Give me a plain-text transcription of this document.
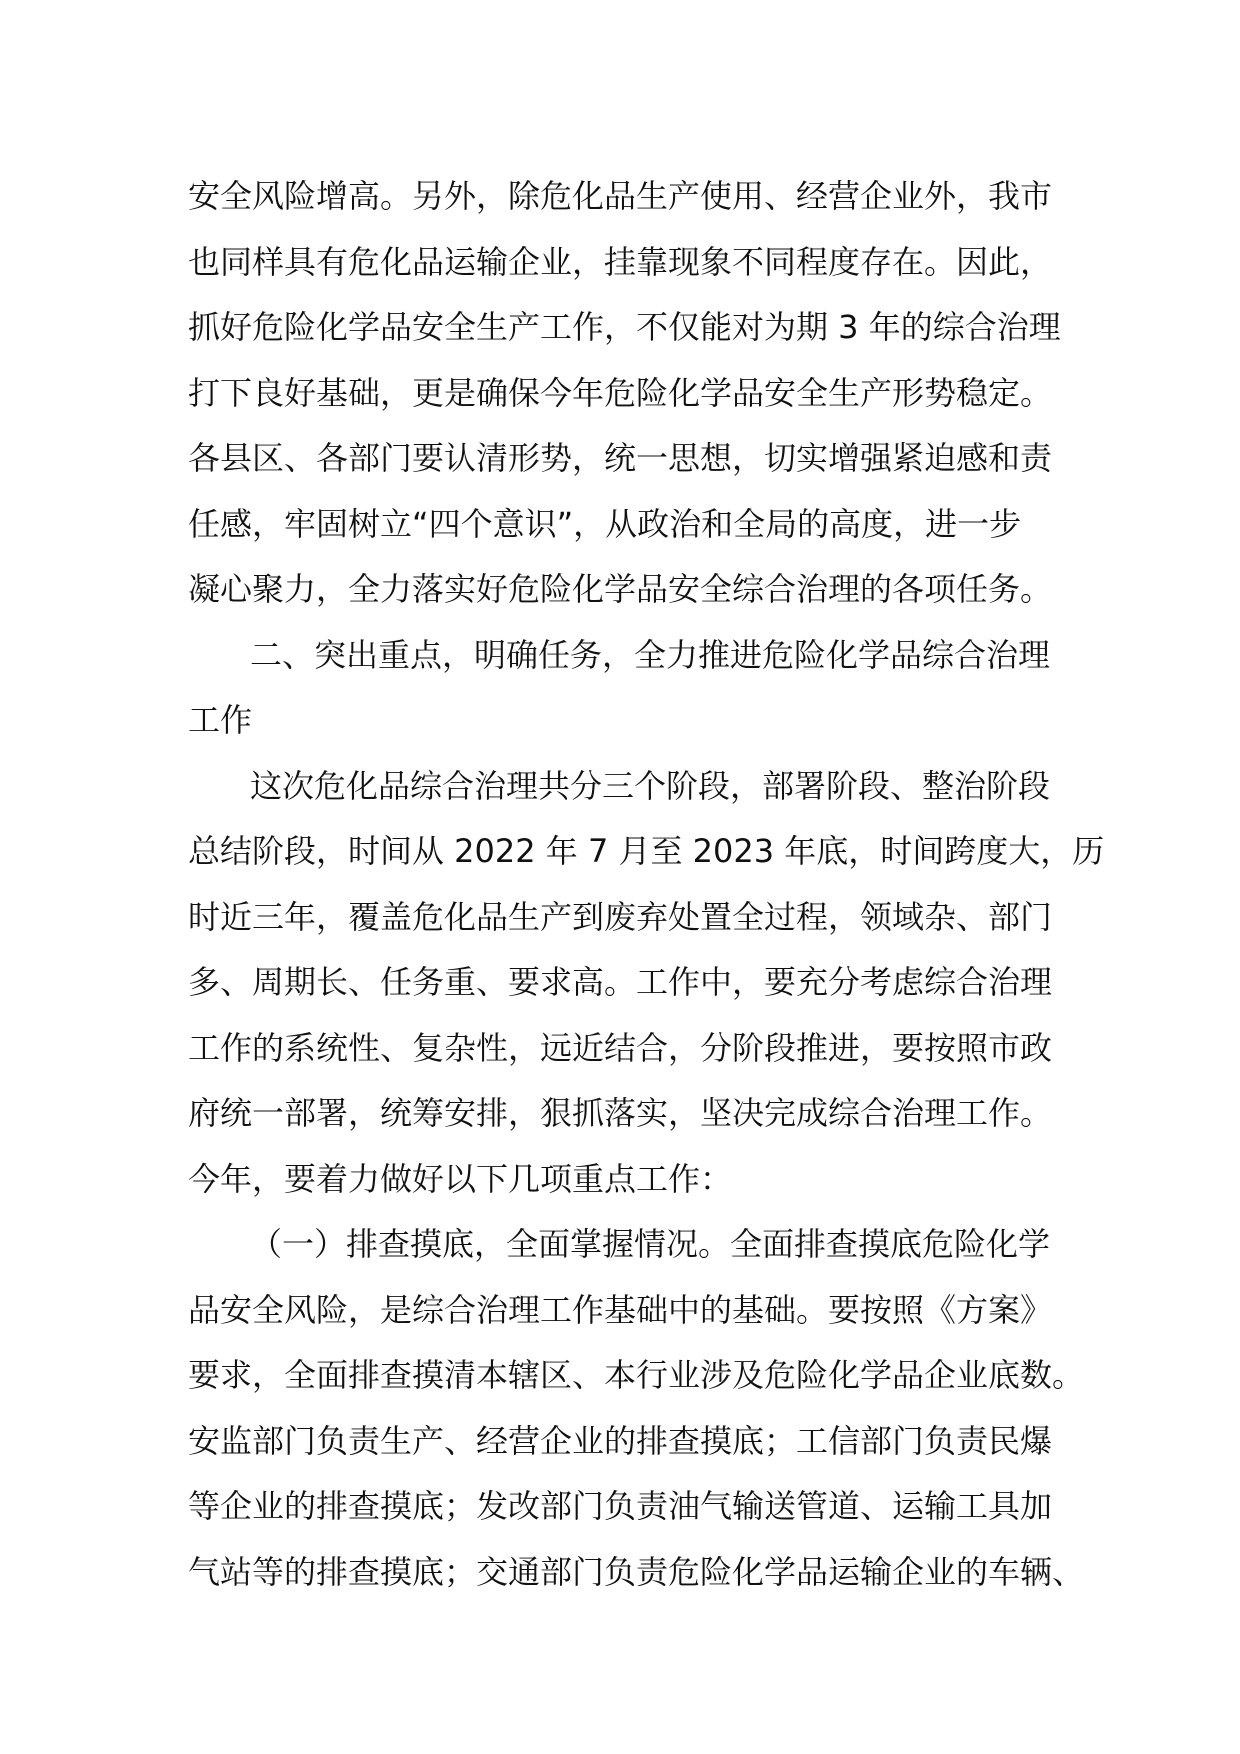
安全风险增高。另外，除危化品生产使用、经营企业外，我市
也同样具有危化品运输企业，挂靠现象不同程度存在。因此，
抓好危险化学品安全生产工作，不仅能对为期 3 年的综合治理
打下良好基础，更是确保今年危险化学品安全生产形势稳定。
各县区、各部门要认清形势，统一思想，切实增强紧迫感和责
任感，牢固树立“四个意识”，从政治和全局的高度，进一步
凝心聚力，全力落实好危险化学品安全综合治理的各项任务。
二、突出重点，明确任务，全力推进危险化学品综合治理
工作
这次危化品综合治理共分三个阶段，部署阶段、整治阶段
总结阶段，时间从 2022 年 7 月至 2023 年底，时间跨度大，历
时近三年，覆盖危化品生产到废弃处置全过程，领域杂、部门
多、周期长、任务重、要求高。工作中，要充分考虑综合治理
工作的系统性、复杂性，远近结合，分阶段推进，要按照市政
府统一部署，统筹安排，狠抓落实，坚决完成综合治理工作。
今年，要着力做好以下几项重点工作：
（一）排查摸底，全面掌握情况。全面排查摸底危险化学
品安全风险，是综合治理工作基础中的基础。要按照《方案》
要求，全面排查摸清本辖区、本行业涉及危险化学品企业底数。
安监部门负责生产、经营企业的排查摸底；工信部门负责民爆
等企业的排查摸底；发改部门负责油气输送管道、运输工具加
气站等的排查摸底；交通部门负责危险化学品运输企业的车辆、
